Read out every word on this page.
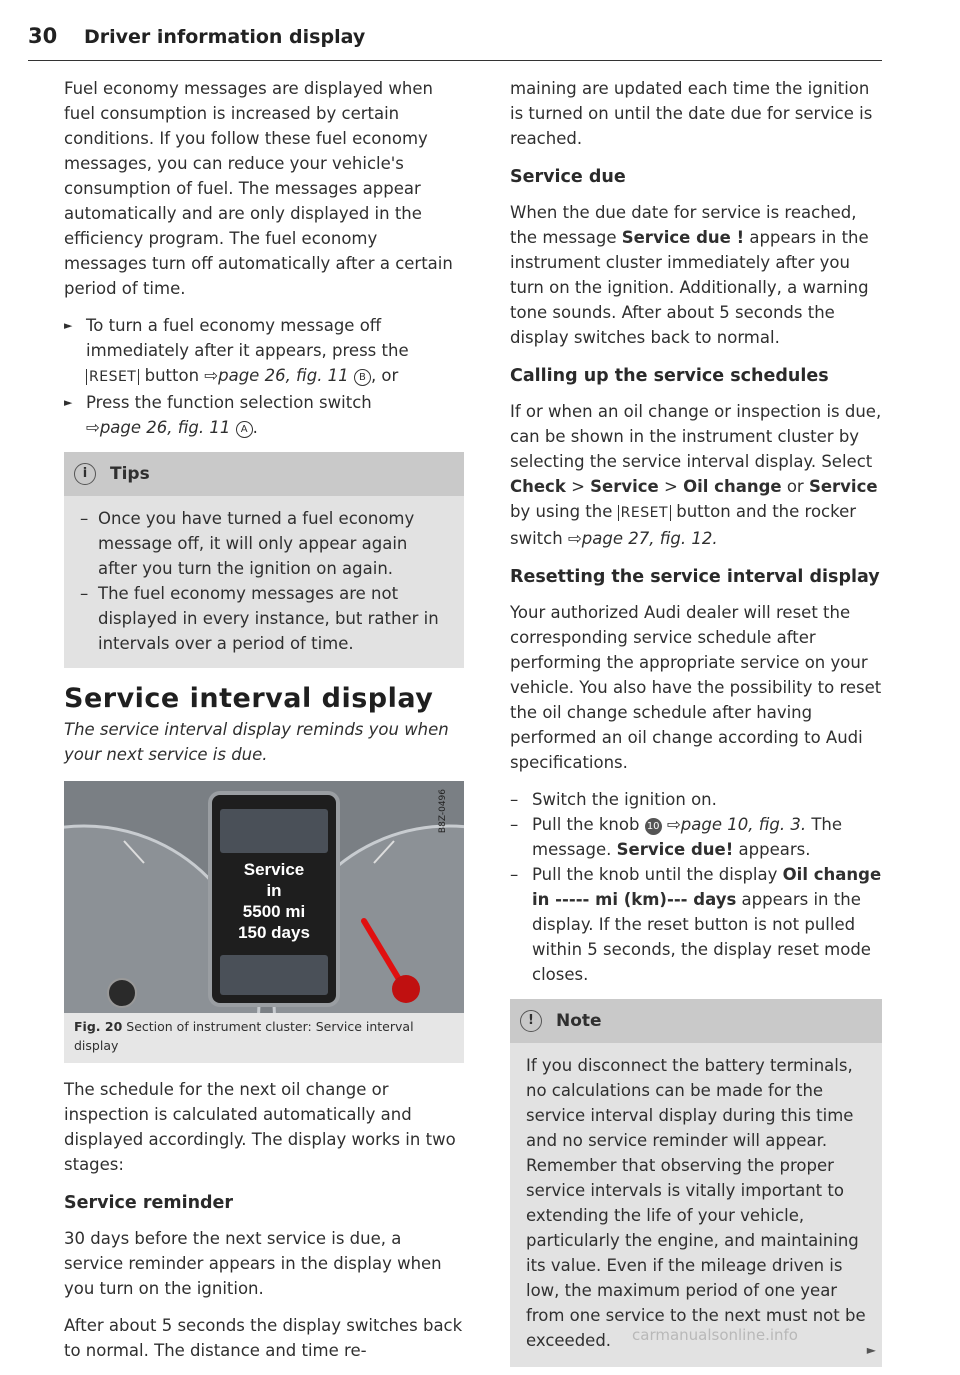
30 Driver information display

Fuel economy messages are displayed when fuel consumption is increased by certain conditions. If you follow these fuel economy messages, you can reduce your vehicle's consumption of fuel. The messages appear automatically and are only displayed in the efficiency program. The fuel economy messages turn off automatically after a certain period of time.

► To turn a fuel economy message off immediately after it appears, press the RESET button ⇨page 26, fig. 11 B , or
► Press the function selection switch
⇨page 26, fig. 11 A .
i	Tips
– Once you have turned a fuel economy message off, it will only appear again after you turn the ignition on again.
– The fuel economy messages are not displayed in every instance, but rather in intervals over a period of time.
Service interval display
The service interval display reminds you when your next service is due.
Service
in
5500 mi
150 days
B8Z-0496
Fig. 20 Section of instrument cluster: Service interval display

The schedule for the next oil change or inspection is calculated automatically and displayed accordingly. The display works in two stages:

Service reminder

30 days before the next service is due, a service reminder appears in the display when you turn on the ignition.

After about 5 seconds the display switches back to normal. The distance and time re-

maining are updated each time the ignition is turned on until the date due for service is reached.

Service due

When the due date for service is reached, the message Service due ! appears in the instrument cluster immediately after you turn on the ignition. Additionally, a warning tone sounds. After about 5 seconds the display switches back to normal.

Calling up the service schedules

If or when an oil change or inspection is due, can be shown in the instrument cluster by selecting the service interval display. Select Check > Service > Oil change or Service by using the RESET button and the rocker switch ⇨page 27, fig. 12.

Resetting the service interval display

Your authorized Audi dealer will reset the corresponding service schedule after performing the appropriate service on your vehicle. You also have the possibility to reset the oil change schedule after having performed an oil change according to Audi specifications.

– Switch the ignition on.
– Pull the knob 10 ⇨page 10, fig. 3. The message. Service due! appears.
– Pull the knob until the display Oil change in ----- mi (km)--- days appears in the display. If the reset button is not pulled within 5 seconds, the display reset mode closes.
!	Note
If you disconnect the battery terminals, no calculations can be made for the service interval display during this time and no service reminder will appear. Remember that observing the proper service intervals is vitally important to extending the life of your vehicle, particularly the engine, and maintaining its value. Even if the mileage driven is low, the maximum period of one year from one service to the next must not be exceeded.	►
carmanualsonline.info
